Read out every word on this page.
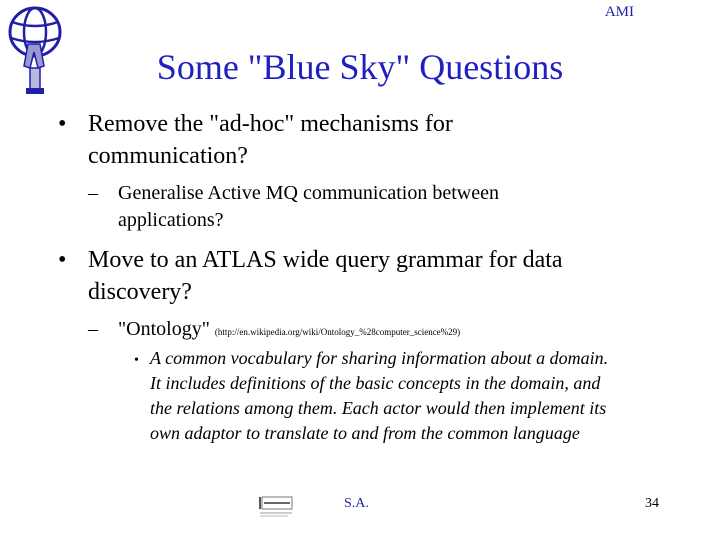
AMI
Some "Blue Sky" Questions
• Remove the "ad-hoc" mechanisms for
communication?
– Generalise Active MQ communication between
applications?
• Move to an ATLAS wide query grammar for data
discovery?
– "Ontology" (http://en.wikipedia.org/wiki/Ontology_%28computer_science%29)
• A common vocabulary for sharing information about a domain.
It includes definitions of the basic concepts in the domain, and
the relations among them. Each actor would then implement its
own adaptor to translate to and from the common language
S.A.	34
